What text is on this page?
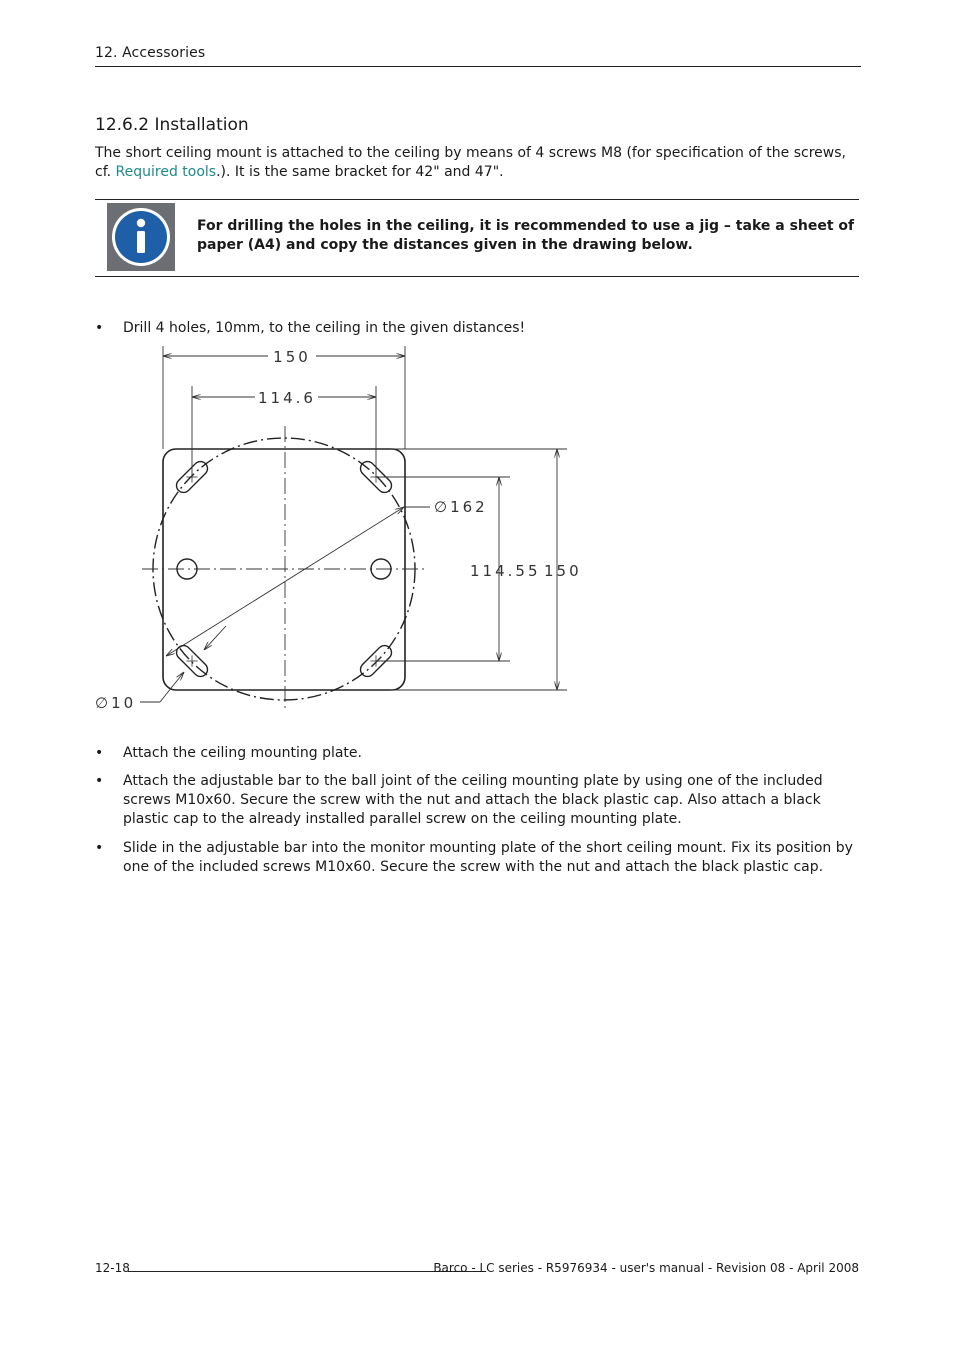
12. Accessories
12.6.2 Installation
The short ceiling mount is attached to the ceiling by means of 4 screws M8 (for specification of the screws, cf. Required tools.). It is the same bracket for 42" and 47".
For drilling the holes in the ceiling, it is recommended to use a jig – take a sheet of paper (A4) and copy the distances given in the drawing below.
•	Drill 4 holes, 10mm, to the ceiling in the given distances!
150
114.6
∅162
114.55 150
∅10
•	Attach the ceiling mounting plate.
•	Attach the adjustable bar to the ball joint of the ceiling mounting plate by using one of the included screws M10x60. Secure the screw with the nut and attach the black plastic cap. Also attach a black plastic cap to the already installed parallel screw on the ceiling mounting plate.
•	Slide in the adjustable bar into the monitor mounting plate of the short ceiling mount. Fix its position by one of the included screws M10x60. Secure the screw with the nut and attach the black plastic cap.
12-18	Barco - LC series - R5976934 - user's manual - Revision 08 - April 2008
